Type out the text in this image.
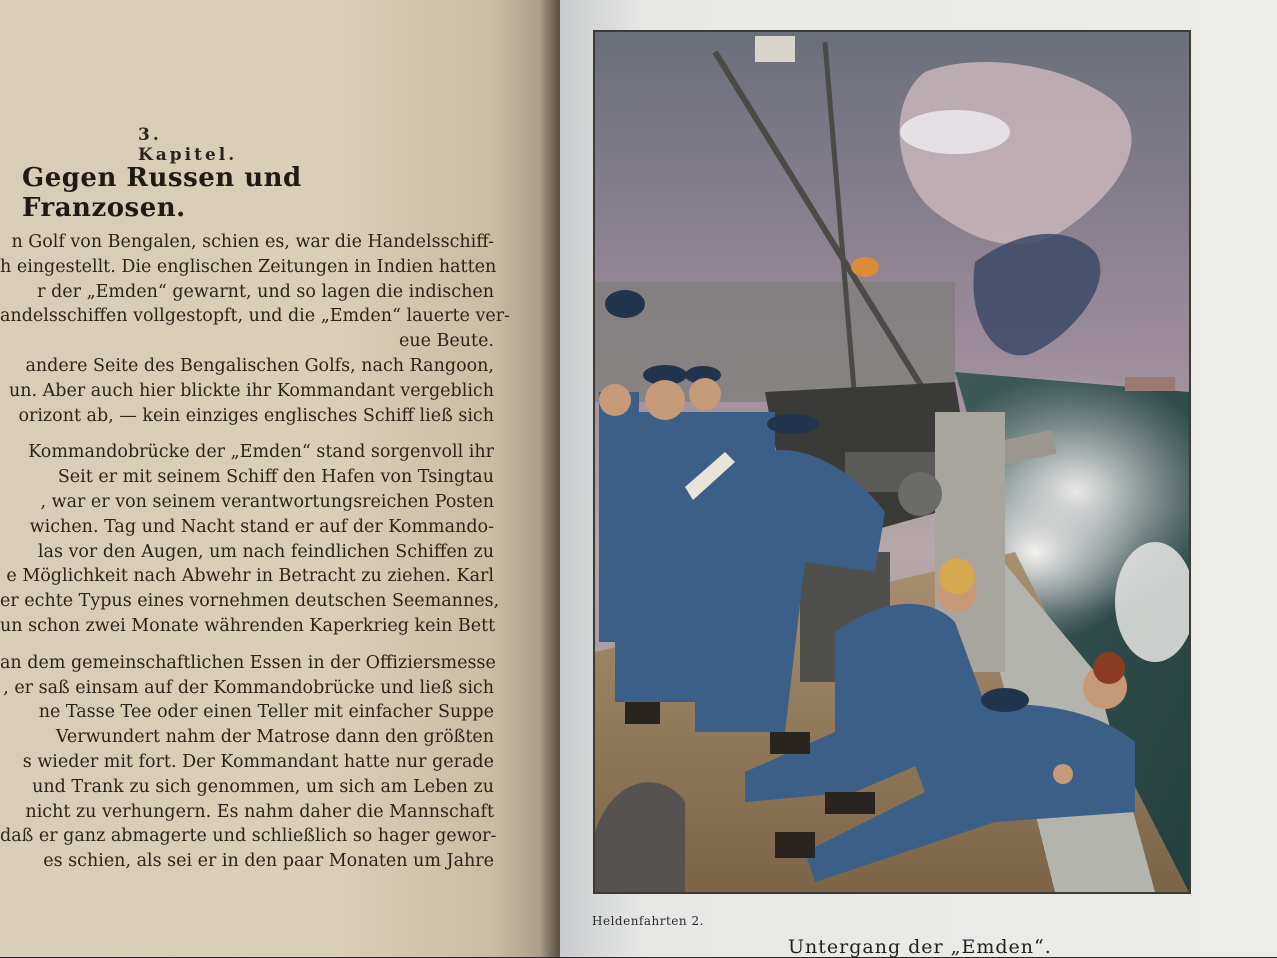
3. Kapitel.
Gegen Russen und Franzosen.
n Golf von Bengalen, schien es, war die Handelsschiff-
h eingestellt. Die englischen Zeitungen in Indien hatten
r der „Emden“ gewarnt, und so lagen die indischen
andelsschiffen vollgestopft, und die „Emden“ lauerte ver-
eue Beute.
andere Seite des Bengalischen Golfs, nach Rangoon,
un. Aber auch hier blickte ihr Kommandant vergeblich
orizont ab, — kein einziges englisches Schiff ließ sich
Kommandobrücke der „Emden“ stand sorgenvoll ihr
Seit er mit seinem Schiff den Hafen von Tsingtau
, war er von seinem verantwortungsreichen Posten
wichen. Tag und Nacht stand er auf der Kommando-
las vor den Augen, um nach feindlichen Schiffen zu
e Möglichkeit nach Abwehr in Betracht zu ziehen. Karl
er echte Typus eines vornehmen deutschen Seemannes,
un schon zwei Monate währenden Kaperkrieg kein Bett
an dem gemeinschaftlichen Essen in der Offiziersmesse
, er saß einsam auf der Kommandobrücke und ließ sich
ne Tasse Tee oder einen Teller mit einfacher Suppe
Verwundert nahm der Matrose dann den größten
s wieder mit fort. Der Kommandant hatte nur gerade
und Trank zu sich genommen, um sich am Leben zu
nicht zu verhungern. Es nahm daher die Mannschaft
daß er ganz abmagerte und schließlich so hager gewor-
es schien, als sei er in den paar Monaten um Jahre
Heldenfahrten 2.
Untergang der „Emden“.
